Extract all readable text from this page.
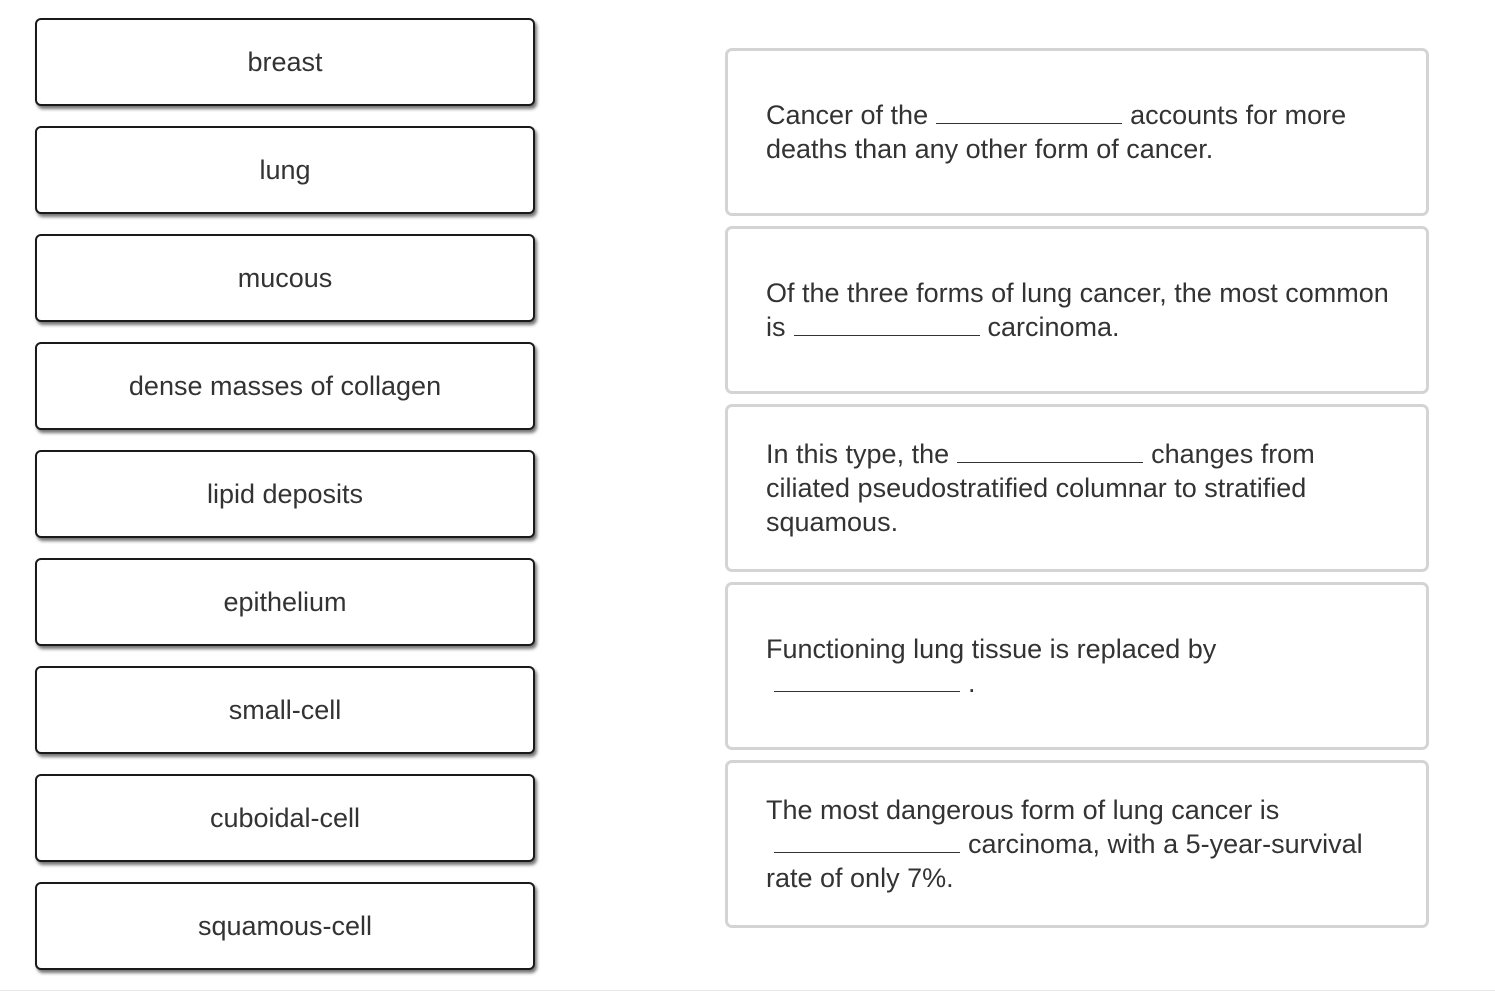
breast
lung
mucous
dense masses of collagen
lipid deposits
epithelium
small-cell
cuboidal-cell
squamous-cell
Cancer of the	accounts for more deaths than any other form of cancer.
Of the three forms of lung cancer, the most common is	carcinoma.
In this type, the	changes from ciliated pseudostratified columnar to stratified squamous.
Functioning lung tissue is replaced by.
The most dangerous form of lung cancer iscarcinoma, with a 5-year-survival rate of only 7%.
